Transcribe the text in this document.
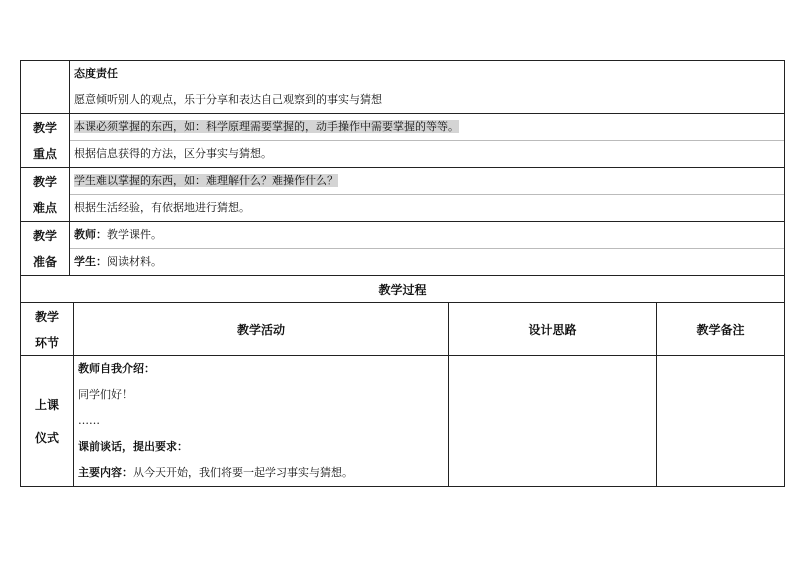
态度责任
愿意倾听别人的观点，乐于分享和表达自己观察到的事实与猜想
教学
重点
本课必须掌握的东西，如：科学原理需要掌握的，动手操作中需要掌握的等等。
根据信息获得的方法，区分事实与猜想。
教学
难点
学生难以掌握的东西，如：难理解什么？难操作什么？
根据生活经验，有依据地进行猜想。
教学
准备
教师：教学课件。
学生：阅读材料。
教学过程
教学
环节
教学活动	设计思路	教学备注
上课
仪式
教师自我介绍：
同学们好！
……
课前谈话，提出要求：
主要内容：从今天开始，我们将要一起学习事实与猜想。
